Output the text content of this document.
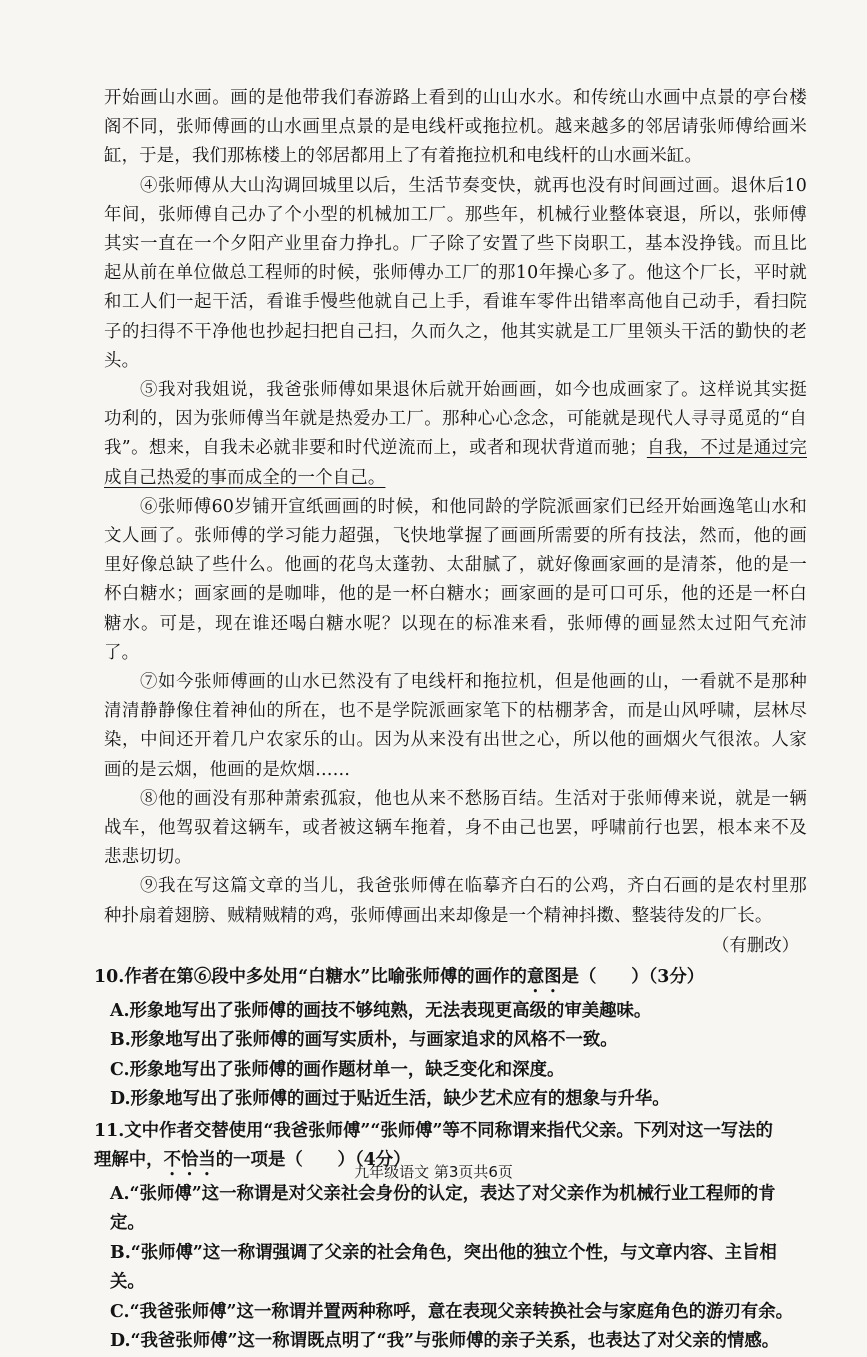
开始画山水画。画的是他带我们春游路上看到的山山水水。和传统山水画中点景的亭台楼阁不同，张师傅画的山水画里点景的是电线杆或拖拉机。越来越多的邻居请张师傅给画米缸，于是，我们那栋楼上的邻居都用上了有着拖拉机和电线杆的山水画米缸。

④张师傅从大山沟调回城里以后，生活节奏变快，就再也没有时间画过画。退休后10年间，张师傅自己办了个小型的机械加工厂。那些年，机械行业整体衰退，所以，张师傅其实一直在一个夕阳产业里奋力挣扎。厂子除了安置了些下岗职工，基本没挣钱。而且比起从前在单位做总工程师的时候，张师傅办工厂的那10年操心多了。他这个厂长，平时就和工人们一起干活，看谁手慢些他就自己上手，看谁车零件出错率高他自己动手，看扫院子的扫得不干净他也抄起扫把自己扫，久而久之，他其实就是工厂里领头干活的勤快的老头。

⑤我对我姐说，我爸张师傅如果退休后就开始画画，如今也成画家了。这样说其实挺功利的，因为张师傅当年就是热爱办工厂。那种心心念念，可能就是现代人寻寻觅觅的“自我”。想来，自我未必就非要和时代逆流而上，或者和现状背道而驰；自我，不过是通过完成自己热爱的事而成全的一个自己。

⑥张师傅60岁铺开宣纸画画的时候，和他同龄的学院派画家们已经开始画逸笔山水和文人画了。张师傅的学习能力超强，飞快地掌握了画画所需要的所有技法，然而，他的画里好像总缺了些什么。他画的花鸟太蓬勃、太甜腻了，就好像画家画的是清茶，他的是一杯白糖水；画家画的是咖啡，他的是一杯白糖水；画家画的是可口可乐，他的还是一杯白糖水。可是，现在谁还喝白糖水呢？以现在的标准来看，张师傅的画显然太过阳气充沛了。

⑦如今张师傅画的山水已然没有了电线杆和拖拉机，但是他画的山，一看就不是那种清清静静像住着神仙的所在，也不是学院派画家笔下的枯棚茅舍，而是山风呼啸，层林尽染，中间还开着几户农家乐的山。因为从来没有出世之心，所以他的画烟火气很浓。人家画的是云烟，他画的是炊烟……

⑧他的画没有那种萧索孤寂，他也从来不愁肠百结。生活对于张师傅来说，就是一辆战车，他驾驭着这辆车，或者被这辆车拖着，身不由己也罢，呼啸前行也罢，根本来不及悲悲切切。

⑨我在写这篇文章的当儿，我爸张师傅在临摹齐白石的公鸡，齐白石画的是农村里那种扑扇着翅膀、贼精贼精的鸡，张师傅画出来却像是一个精神抖擞、整装待发的厂长。

（有删改）
10.作者在第⑥段中多处用“白糖水”比喻张师傅的画作的意图是（　　）（3分）
A.形象地写出了张师傅的画技不够纯熟，无法表现更高级的审美趣味。
B.形象地写出了张师傅的画写实质朴，与画家追求的风格不一致。
C.形象地写出了张师傅的画作题材单一，缺乏变化和深度。
D.形象地写出了张师傅的画过于贴近生活，缺少艺术应有的想象与升华。
11.文中作者交替使用“我爸张师傅”“张师傅”等不同称谓来指代父亲。下列对这一写法的
理解中，不恰当的一项是（　　）（4分）
A.“张师傅”这一称谓是对父亲社会身份的认定，表达了对父亲作为机械行业工程师的肯定。
B.“张师傅”这一称谓强调了父亲的社会角色，突出他的独立个性，与文章内容、主旨相关。
C.“我爸张师傅”这一称谓并置两种称呼，意在表现父亲转换社会与家庭角色的游刃有余。
D.“我爸张师傅”这一称谓既点明了“我”与张师傅的亲子关系，也表达了对父亲的情感。
九年级语文 第3页共6页
